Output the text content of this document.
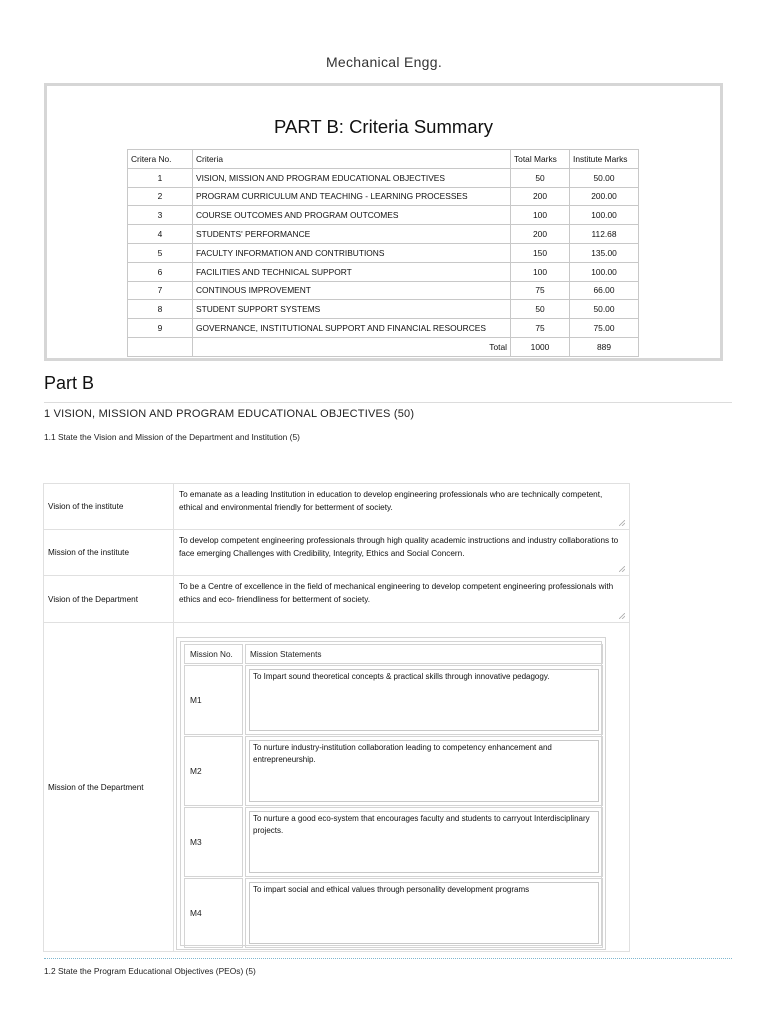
Mechanical Engg.
PART B: Criteria Summary
Critera No.	Criteria	Total Marks	Institute Marks
1	VISION, MISSION AND PROGRAM EDUCATIONAL OBJECTIVES	50	50.00
2	PROGRAM CURRICULUM AND TEACHING - LEARNING PROCESSES	200	200.00
3	COURSE OUTCOMES AND PROGRAM OUTCOMES	100	100.00
4	STUDENTS' PERFORMANCE	200	112.68
5	FACULTY INFORMATION AND CONTRIBUTIONS	150	135.00
6	FACILITIES AND TECHNICAL SUPPORT	100	100.00
7	CONTINOUS IMPROVEMENT	75	66.00
8	STUDENT SUPPORT SYSTEMS	50	50.00
9	GOVERNANCE, INSTITUTIONAL SUPPORT AND FINANCIAL RESOURCES	75	75.00
	Total	1000	889
Part B
1 VISION, MISSION AND PROGRAM EDUCATIONAL OBJECTIVES (50)
1.1 State the Vision and Mission of the Department and Institution (5)
Vision of the institute
To emanate as a leading Institution in education to develop engineering professionals who are technically competent, ethical and environmental friendly for betterment of society.
Mission of the institute
To develop competent engineering professionals through high quality academic instructions and industry collaborations to face emerging Challenges with Credibility, Integrity, Ethics and Social Concern.
Vision of the Department
To be a Centre of excellence in the field of mechanical engineering to develop competent engineering professionals with ethics and eco- friendliness for betterment of society.
Mission of the Department
Mission No.	Mission Statements
M1
To Impart sound theoretical concepts & practical skills through innovative pedagogy.
M2
To nurture industry-institution collaboration leading to competency enhancement and entrepreneurship.
M3
To nurture a good eco-system that encourages faculty and students to carryout Interdisciplinary projects.
M4
To impart social and ethical values through personality development programs
1.2 State the Program Educational Objectives (PEOs) (5)
